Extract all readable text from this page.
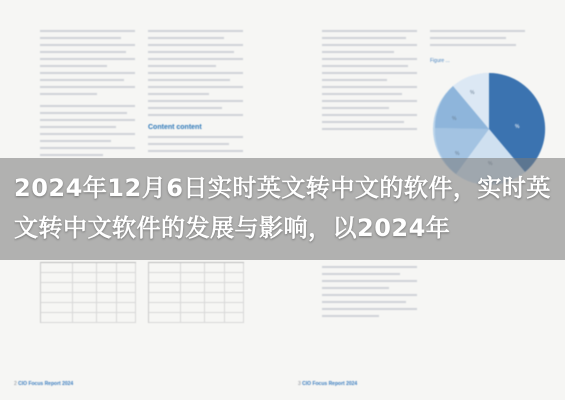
Content content
Figure ...
%
%
%
%
2 CIO Focus Report 2024	3 CIO Focus Report 2024
2024年12月6日实时英文转中文的软件，实时英文转中文软件的发展与影响，以2024年
